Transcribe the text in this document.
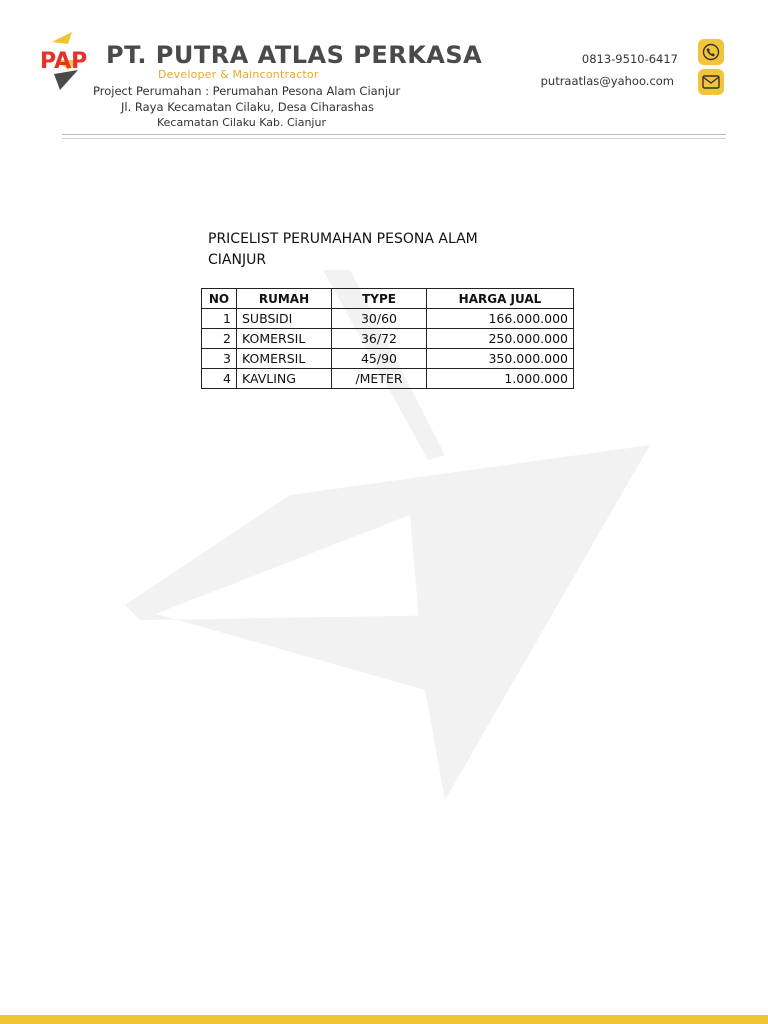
PAP PT. PUTRA ATLAS PERKASA
Developer & Maincontractor
Project Perumahan : Perumahan Pesona Alam Cianjur
Jl. Raya Kecamatan Cilaku, Desa Ciharashas
Kecamatan Cilaku Kab. Cianjur
0813-9510-6417
putraatlas@yahoo.com
PRICELIST PERUMAHAN PESONA ALAM
CIANJUR
NO	RUMAH	TYPE	HARGA JUAL
1	SUBSIDI	30/60	166.000.000
2	KOMERSIL	36/72	250.000.000
3	KOMERSIL	45/90	350.000.000
4	KAVLING	/METER	1.000.000
